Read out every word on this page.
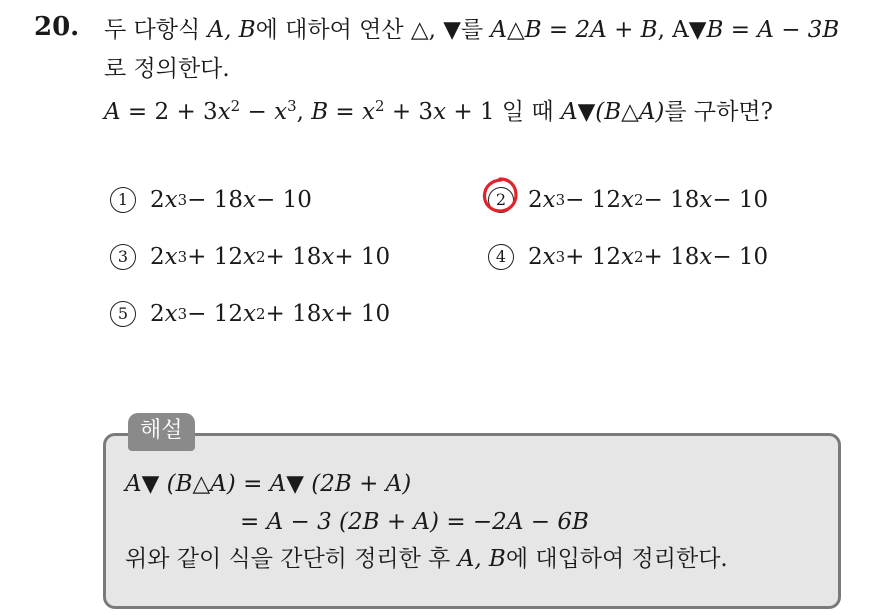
20. 두 다항식 A, B에 대하여 연산 △, ▼를 A△B = 2A + B, A▼B = A − 3B
로 정의한다.
$A = 2 + 3x^2 - x^3$, $B = x^2 + 3x + 1$ 일 때 A▼(B△A)를 구하면?
1 2 x 3 − 18 x − 10	2 2 x 3 − 12 x 2 − 18 x − 10
3 2 x 3 + 12 x 2 + 18 x + 10	4 2 x 3 + 12 x 2 + 18 x − 10
5 2 x 3 − 12 x 2 + 18 x + 10
해설
A▼ (B△A) = A▼ (2B + A)
= A − 3 (2B + A) = −2A − 6B
위와 같이 식을 간단히 정리한 후 A, B에 대입하여 정리한다.
